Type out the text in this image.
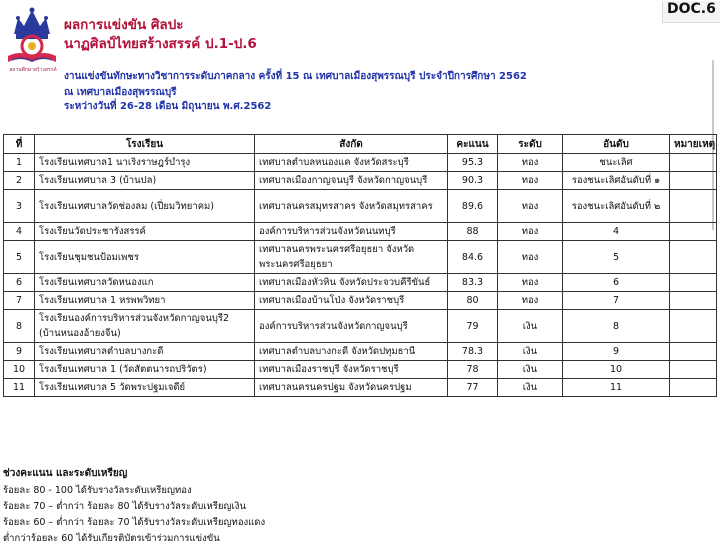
สถานศึกษาสร้างสรรค์
ผลการแข่งขัน ศิลปะ
นาฏศิลป์ไทยสร้างสรรค์ ป.1-ป.6
DOC.6
งานแข่งขันทักษะทางวิชาการระดับภาคกลาง ครั้งที่ 15 ณ เทศบาลเมืองสุพรรณบุรี ประจำปีการศึกษา 2562
ณ เทศบาลเมืองสุพรรณบุรี
ระหว่างวันที่ 26-28 เดือน มิถุนายน พ.ศ.2562
ที่	โรงเรียน	สังกัด	คะแนน	ระดับ	อันดับ	หมายเหตุ
1	โรงเรียนเทศบาล1 นาเริงราษฎร์บำรุง	เทศบาลตำบลหนองแค จังหวัดสระบุรี	95.3	ทอง	ชนะเลิศ	
2	โรงเรียนเทศบาล 3 (บ้านปล)	เทศบาลเมืองกาญจนบุรี จังหวัดกาญจนบุรี	90.3	ทอง	รองชนะเลิศอันดับที่ ๑	
3	โรงเรียนเทศบาลวัดช่องลม (เปี่ยมวิทยาคม)	เทศบาลนครสมุทรสาคร จังหวัดสมุทรสาคร	89.6	ทอง	รองชนะเลิศอันดับที่ ๒	
4	โรงเรียนวัดประชารังสรรค์	องค์การบริหารส่วนจังหวัดนนทบุรี	88	ทอง	4	
5	โรงเรียนชุมชนป้อมเพชร	เทศบาลนครพระนครศรีอยุธยา จังหวัดพระนครศรีอยุธยา	84.6	ทอง	5	
6	โรงเรียนเทศบาลวัดหนองแก	เทศบาลเมืองหัวหิน จังหวัดประจวบคีรีขันธ์	83.3	ทอง	6	
7	โรงเรียนเทศบาล 1 หรพพวิทยา	เทศบาลเมืองบ้านโป่ง จังหวัดราชบุรี	80	ทอง	7	
8	โรงเรียนองค์การบริหารส่วนจังหวัดกาญจนบุรี2 (บ้านหนองอ้ายงจีน)	องค์การบริหารส่วนจังหวัดกาญจนบุรี	79	เงิน	8	
9	โรงเรียนเทศบาลตำบลบางกะดี	เทศบาลตำบลบางกะดี จังหวัดปทุมธานี	78.3	เงิน	9	
10	โรงเรียนเทศบาล 1 (วัดสัตตนารถปริวัตร)	เทศบาลเมืองราชบุรี จังหวัดราชบุรี	78	เงิน	10	
11	โรงเรียนเทศบาล 5 วัดพระปฐมเจดีย์	เทศบาลนครนครปฐม จังหวัดนครปฐม	77	เงิน	11	
ช่วงคะแนน และระดับเหรียญ
ร้อยละ 80 - 100 ได้รับรางวัลระดับเหรียญทอง
ร้อยละ 70 – ต่ำกว่า ร้อยละ 80 ได้รับรางวัลระดับเหรียญเงิน
ร้อยละ 60 – ต่ำกว่า ร้อยละ 70 ได้รับรางวัลระดับเหรียญทองแดง
ต่ำกว่าร้อยละ 60 ได้รับเกียรติบัตรเข้าร่วมการแข่งขัน
